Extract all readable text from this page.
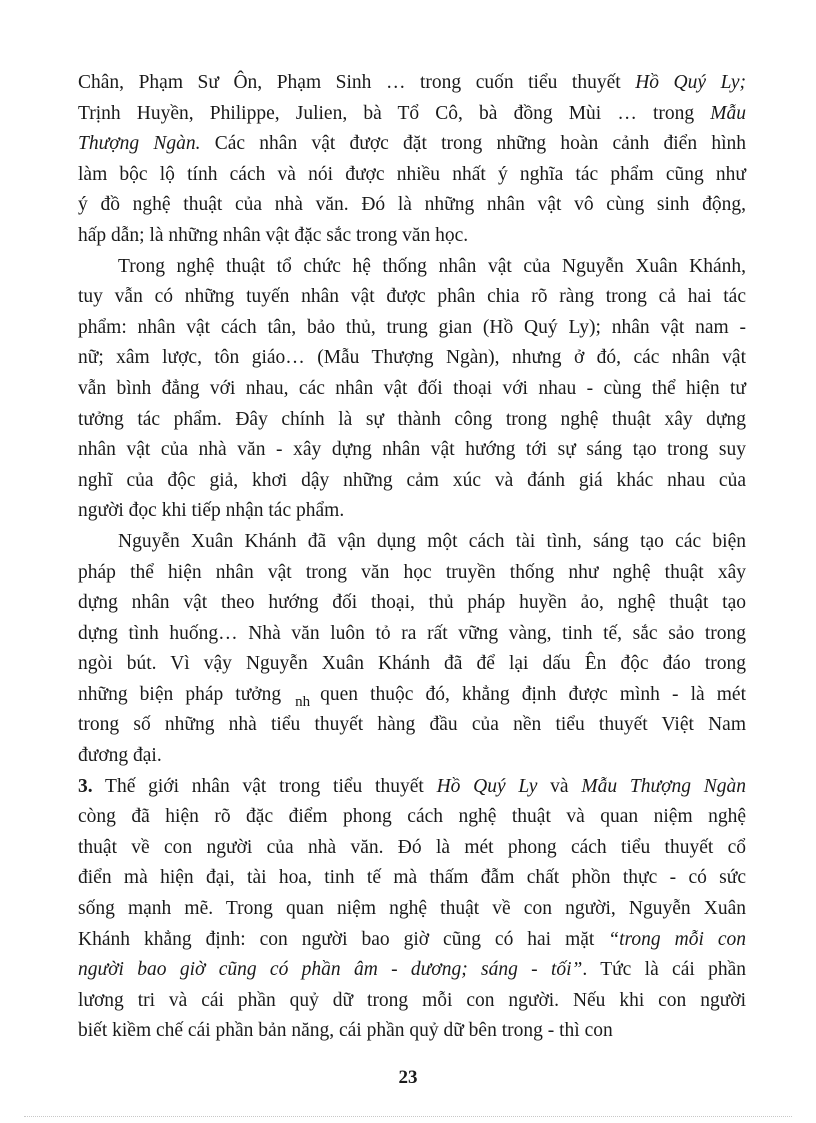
Chân, Phạm Sư Ôn, Phạm Sinh … trong cuốn tiểu thuyết Hồ Quý Ly;
Trịnh Huyền, Philippe, Julien, bà Tổ Cô, bà đồng Mùi … trong Mẫu
Thượng Ngàn. Các nhân vật được đặt trong những hoàn cảnh điển hình
làm bộc lộ tính cách và nói được nhiều nhất ý nghĩa tác phẩm cũng như
ý đồ nghệ thuật của nhà văn. Đó là những nhân vật vô cùng sinh động,
hấp dẫn; là những nhân vật đặc sắc trong văn học.
Trong nghệ thuật tổ chức hệ thống nhân vật của Nguyễn Xuân Khánh,
tuy vẫn có những tuyến nhân vật được phân chia rõ ràng trong cả hai tác
phẩm: nhân vật cách tân, bảo thủ, trung gian (Hồ Quý Ly); nhân vật nam -
nữ; xâm lược, tôn giáo… (Mẫu Thượng Ngàn), nhưng ở đó, các nhân vật
vẫn bình đẳng với nhau, các nhân vật đối thoại với nhau - cùng thể hiện tư
tưởng tác phẩm. Đây chính là sự thành công trong nghệ thuật xây dựng
nhân vật của nhà văn - xây dựng nhân vật hướng tới sự sáng tạo trong suy
nghĩ của độc giả, khơi dậy những cảm xúc và đánh giá khác nhau của
người đọc khi tiếp nhận tác phẩm.
Nguyễn Xuân Khánh đã vận dụng một cách tài tình, sáng tạo các biện
pháp thể hiện nhân vật trong văn học truyền thống như nghệ thuật xây
dựng nhân vật theo hướng đối thoại, thủ pháp huyền ảo, nghệ thuật tạo
dựng tình huống… Nhà văn luôn tỏ ra rất vững vàng, tinh tế, sắc sảo trong
ngòi bút. Vì vậy Nguyễn Xuân Khánh đã để lại dấu Ên độc đáo trong
những biện pháp tưởng $_{nh}$ quen thuộc đó, khẳng định được mình - là mét
trong số những nhà tiểu thuyết hàng đầu của nền tiểu thuyết Việt Nam
đương đại.
3. Thế giới nhân vật trong tiểu thuyết Hồ Quý Ly và Mẫu Thượng Ngàn
còng đã hiện rõ đặc điểm phong cách nghệ thuật và quan niệm nghệ
thuật về con người của nhà văn. Đó là mét phong cách tiểu thuyết cổ
điển mà hiện đại, tài hoa, tinh tế mà thấm đẫm chất phồn thực - có sức
sống mạnh mẽ. Trong quan niệm nghệ thuật về con người, Nguyễn Xuân
Khánh khẳng định: con người bao giờ cũng có hai mặt “trong mỗi con
người bao giờ cũng có phần âm - dương; sáng - tối”. Tức là cái phần
lương tri và cái phần quỷ dữ trong mỗi con người. Nếu khi con người
biết kiềm chế cái phần bản năng, cái phần quỷ dữ bên trong - thì con
23
